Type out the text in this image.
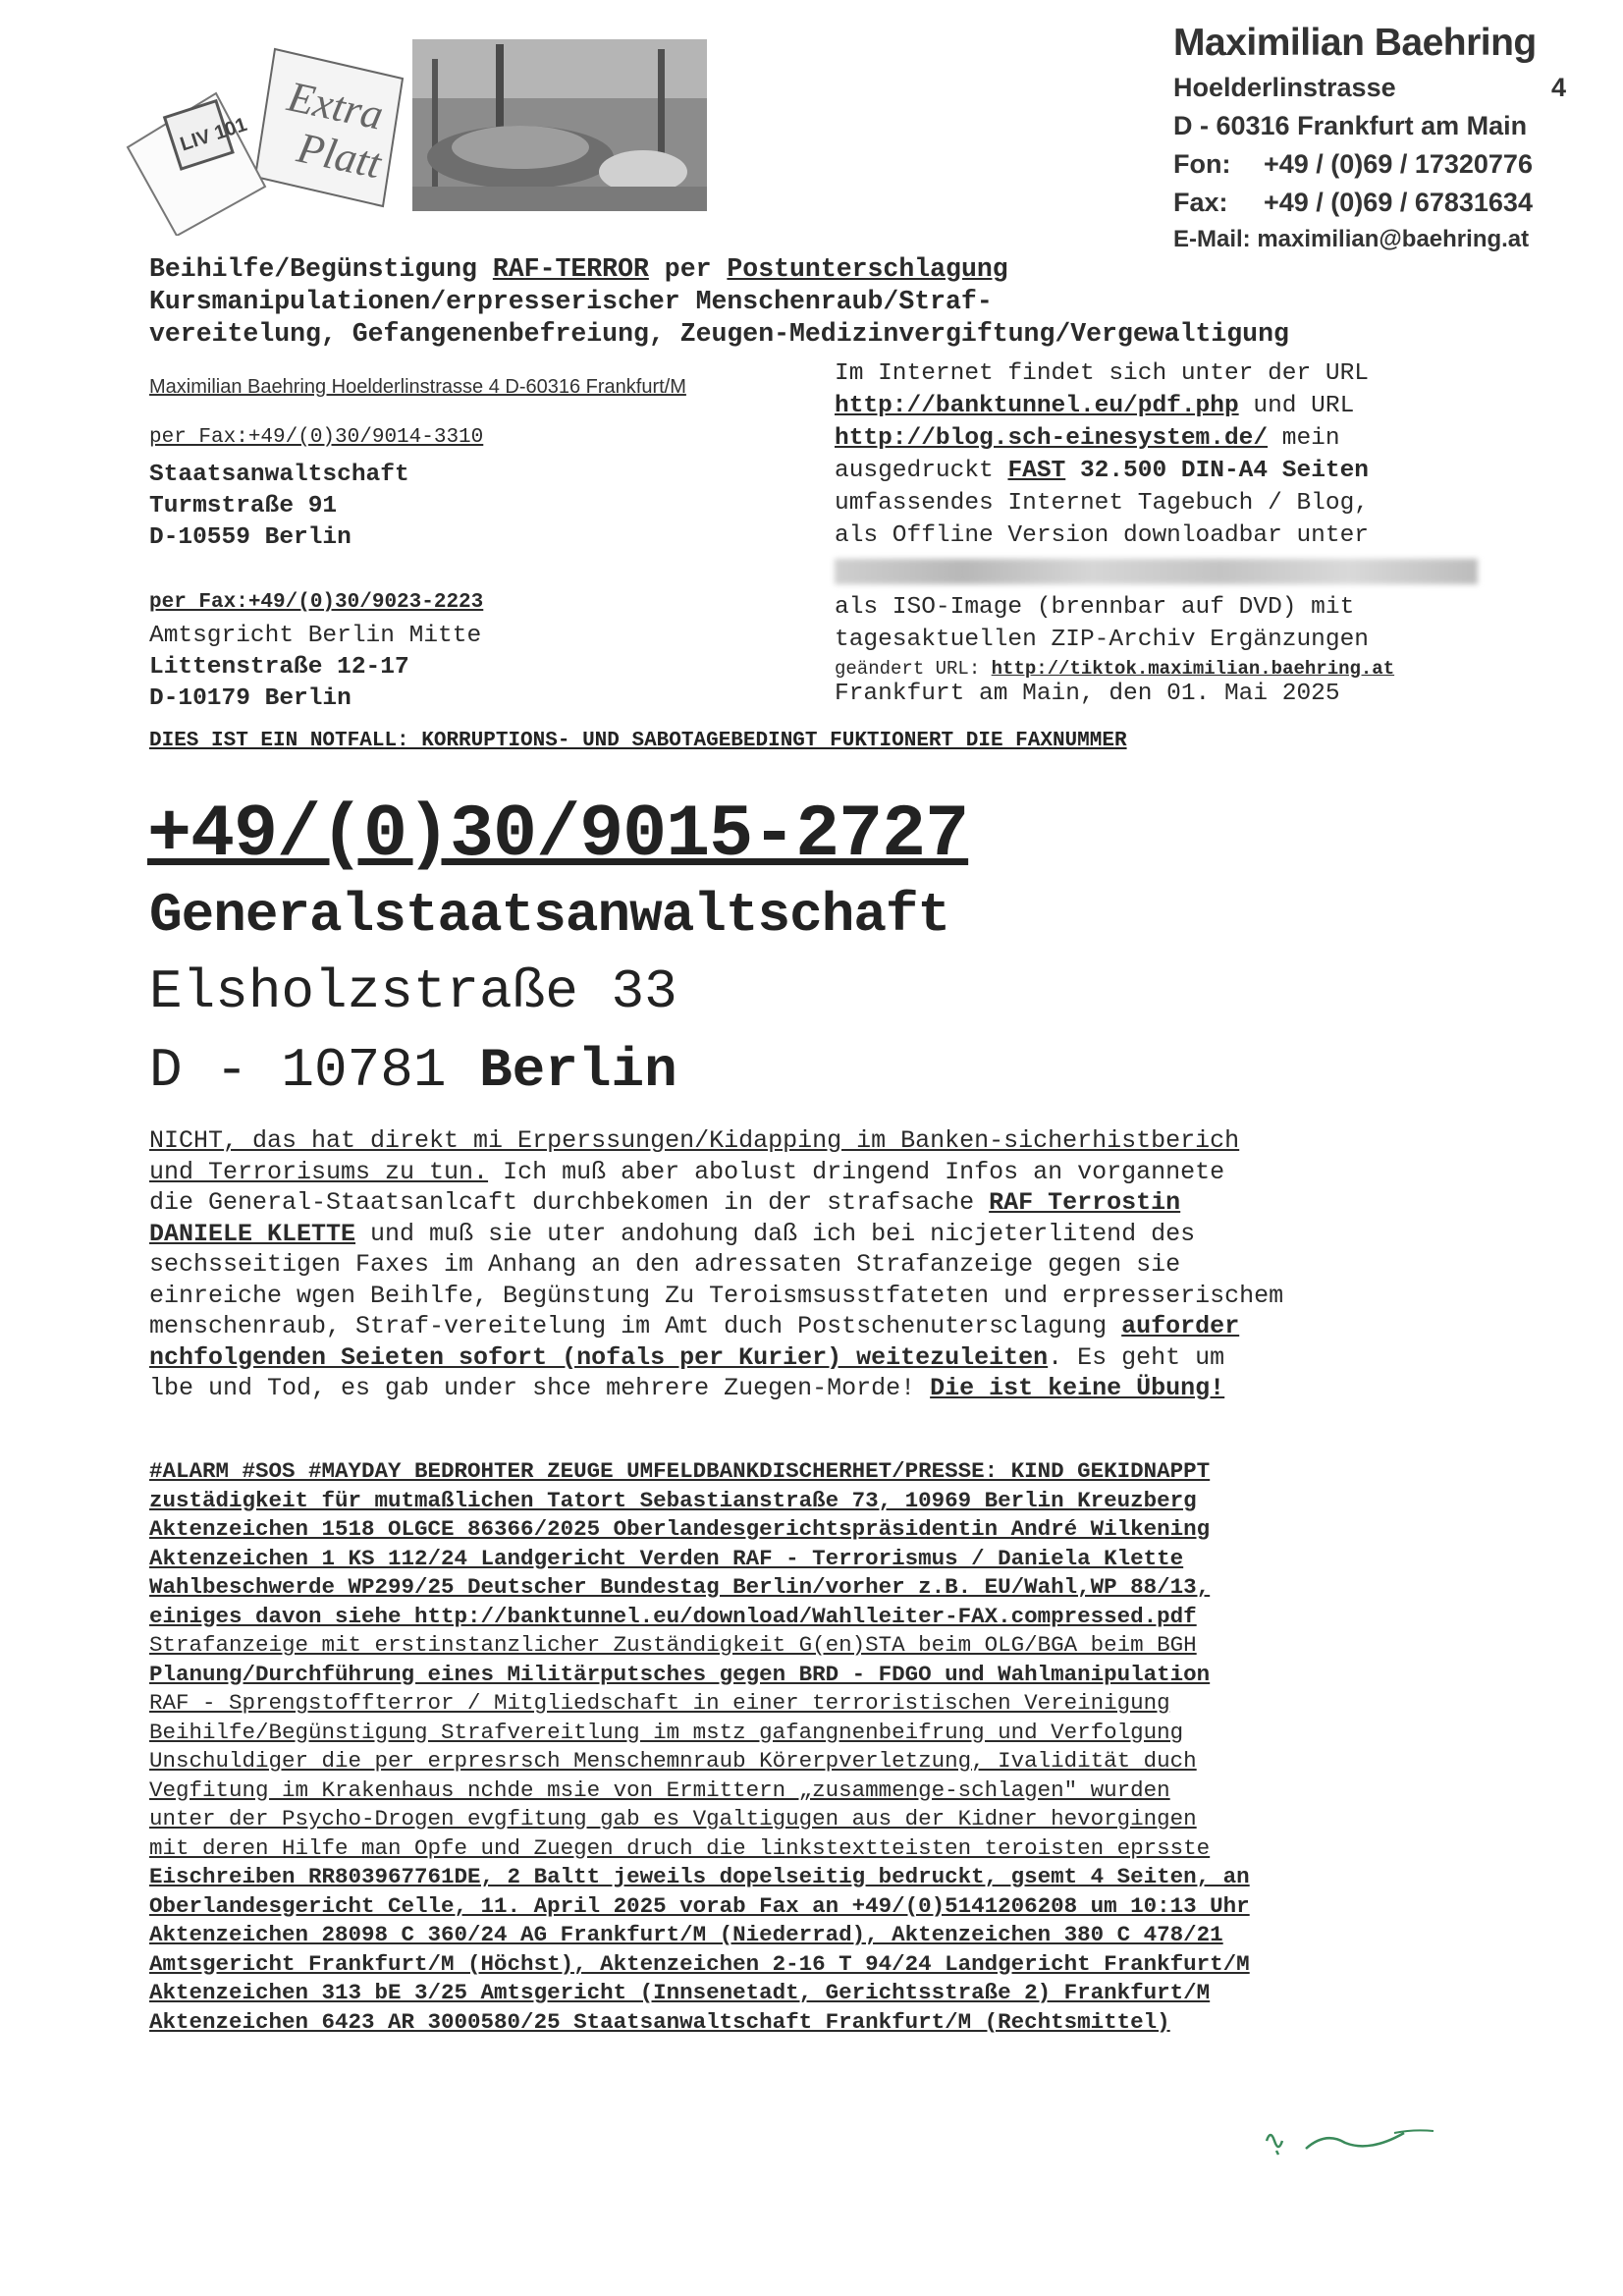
Extra
Platt
LIV 101
Maximilian Baehring
Hoelderlinstrasse	4
D - 60316 Frankfurt am Main
Fon:	+49 / (0)69 / 17320776
Fax:	+49 / (0)69 / 67831634
E-Mail: maximilian@baehring.at
Beihilfe/Begünstigung RAF-TERROR per Postunterschlagung
Kursmanipulationen/erpresserischer Menschenraub/Straf-
vereitelung, Gefangenenbefreiung, Zeugen-Medizinvergiftung/Vergewaltigung
Maximilian Baehring Hoelderlinstrasse 4 D-60316 Frankfurt/M
per Fax:+49/(0)30/9014-3310
Staatsanwaltschaft
Turmstraße 91
D-10559 Berlin
per Fax:+49/(0)30/9023-2223
Amtsgricht Berlin Mitte
Littenstraße 12-17
D-10179 Berlin
Im Internet findet sich unter der URL
http://banktunnel.eu/pdf.php und URL
http://blog.sch-einesystem.de/ mein
ausgedruckt FAST 32.500 DIN-A4 Seiten
umfassendes Internet Tagebuch / Blog,
als Offline Version downloadbar unter
als ISO-Image (brennbar auf DVD) mit
tagesaktuellen ZIP-Archiv Ergänzungen
geändert URL: http://tiktok.maximilian.baehring.at
Frankfurt am Main, den 01. Mai 2025
DIES IST EIN NOTFALL: KORRUPTIONS- UND SABOTAGEBEDINGT FUKTIONERT DIE FAXNUMMER
+49/(0)30/9015-2727
Generalstaatsanwaltschaft
Elsholzstraße 33
D - 10781 Berlin
NICHT, das hat direkt mi Erperssungen/Kidapping im Banken-sicherhistberich
und Terrorisums zu tun. Ich muß aber abolust dringend Infos an vorgannete
die General-Staatsanlcaft durchbekomen in der strafsache RAF Terrostin
DANIELE KLETTE und muß sie uter andohung daß ich bei nicjeterlitend des
sechsseitigen Faxes im Anhang an den adressaten Strafanzeige gegen sie
einreiche wgen Beihlfe, Begünstung Zu Teroismsusstfateten und erpresserischem
menschenraub, Straf-vereitelung im Amt duch Postschenutersclagung auforder
nchfolgenden Seieten sofort (nofals per Kurier) weitezuleiten. Es geht um
lbe und Tod, es gab under shce mehrere Zuegen-Morde! Die ist keine Übung!
#ALARM #SOS #MAYDAY BEDROHTER ZEUGE UMFELDBANKDISCHERHET/PRESSE: KIND GEKIDNAPPT
zustädigkeit für mutmaßlichen Tatort Sebastianstraße 73, 10969 Berlin Kreuzberg
Aktenzeichen 1518 OLGCE 86366/2025 Oberlandesgerichtspräsidentin André Wilkening
Aktenzeichen 1 KS 112/24 Landgericht Verden RAF - Terrorismus / Daniela Klette
Wahlbeschwerde WP299/25 Deutscher Bundestag Berlin/vorher z.B. EU/Wahl,WP 88/13,
einiges davon siehe http://banktunnel.eu/download/Wahlleiter-FAX.compressed.pdf
Strafanzeige mit erstinstanzlicher Zuständigkeit G(en)STA beim OLG/BGA beim BGH
Planung/Durchführung eines Militärputsches gegen BRD - FDGO und Wahlmanipulation
RAF - Sprengstoffterror / Mitgliedschaft in einer terroristischen Vereinigung
Beihilfe/Begünstigung Strafvereitlung im mstz gafangnenbeifrung und Verfolgung
Unschuldiger die per erpresrsch Menschemnraub Körerpverletzung, Ivalidität duch
Vegfitung im Krakenhaus nchde msie von Ermittern „zusammenge-schlagen" wurden
unter der Psycho-Drogen evgfitung gab es Vgaltigugen aus der Kidner hevorgingen
mit deren Hilfe man Opfe und Zuegen druch die linkstextteisten teroisten eprsste
Eischreiben RR803967761DE, 2 Baltt jeweils dopelseitig bedruckt, gsemt 4 Seiten, an
Oberlandesgericht Celle, 11. April 2025 vorab Fax an +49/(0)5141206208 um 10:13 Uhr
Aktenzeichen 28098 C 360/24 AG Frankfurt/M (Niederrad), Aktenzeichen 380 C 478/21
Amtsgericht Frankfurt/M (Höchst), Aktenzeichen 2-16 T 94/24 Landgericht Frankfurt/M
Aktenzeichen 313 bE 3/25 Amtsgericht (Innsenetadt, Gerichtsstraße 2) Frankfurt/M
Aktenzeichen 6423 AR 3000580/25 Staatsanwaltschaft Frankfurt/M (Rechtsmittel)
